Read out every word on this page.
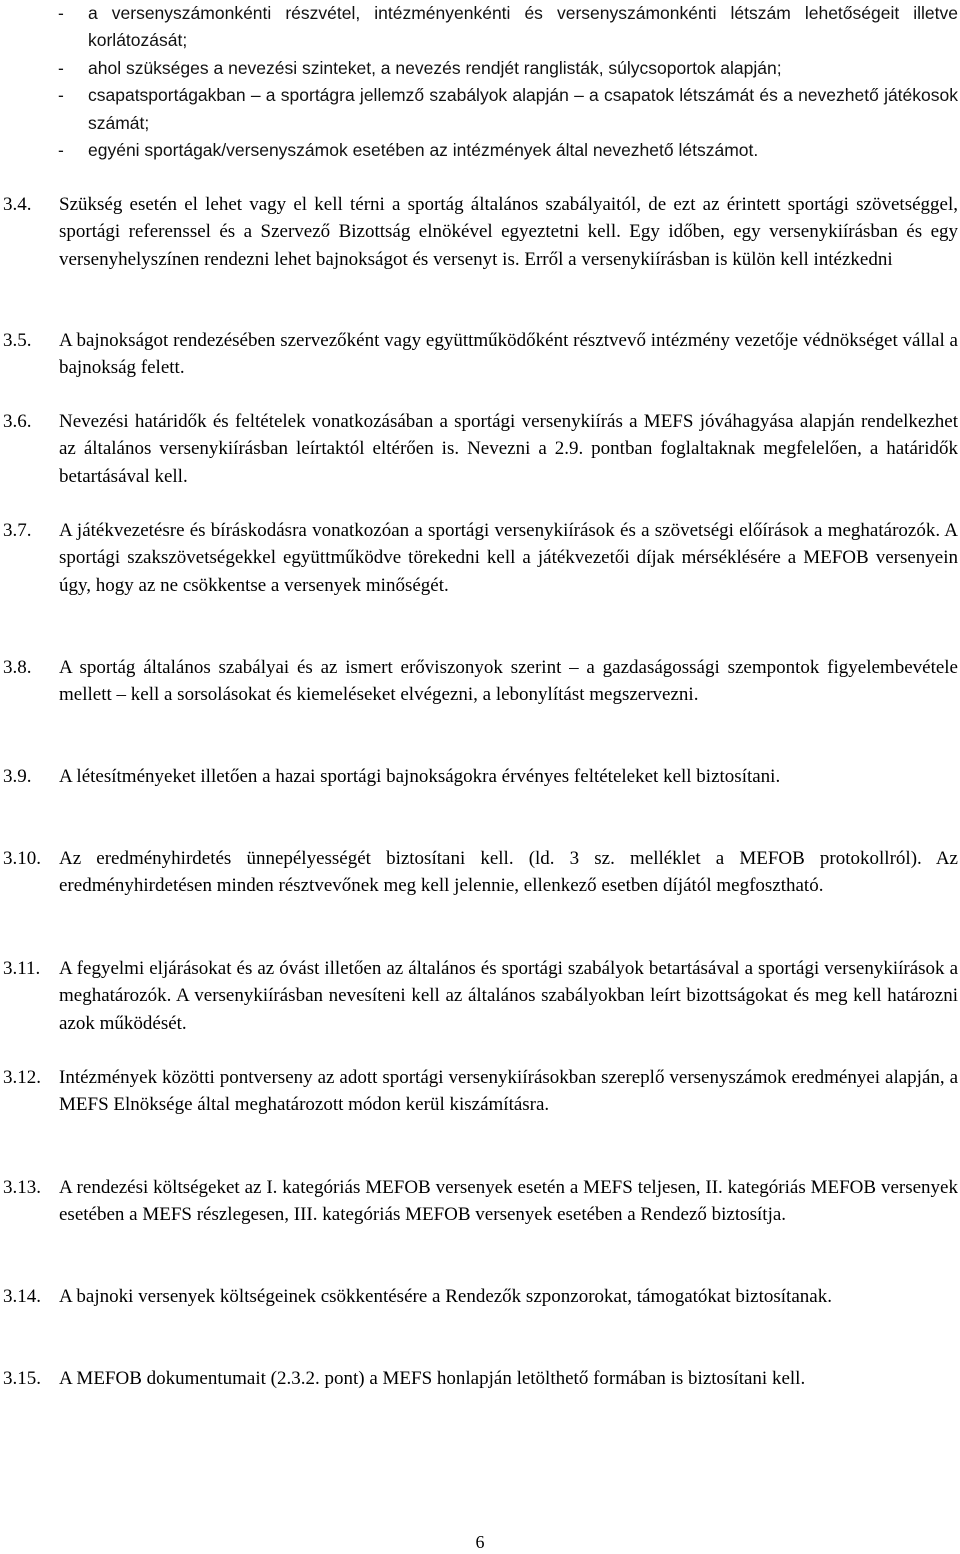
- a versenyszámonkénti részvétel, intézményenkénti és versenyszámonkénti létszám lehetőségeit illetve korlátozását;
- ahol szükséges a nevezési szinteket, a nevezés rendjét ranglisták, súlycsoportok alapján;
- csapatsportágakban – a sportágra jellemző szabályok alapján – a csapatok létszámát és a nevezhető játékosok számát;
- egyéni sportágak/versenyszámok esetében az intézmények által nevezhető létszámot.
3.4. Szükség esetén el lehet vagy el kell térni a sportág általános szabályaitól, de ezt az érintett sportági szövetséggel, sportági referenssel és a Szervező Bizottság elnökével egyeztetni kell. Egy időben, egy versenykiírásban és egy versenyhelyszínen rendezni lehet bajnokságot és versenyt is. Erről a versenykiírásban is külön kell intézkedni
3.5. A bajnokságot rendezésében szervezőként vagy együttműködőként résztvevő intézmény vezetője védnökséget vállal a bajnokság felett.
3.6. Nevezési határidők és feltételek vonatkozásában a sportági versenykiírás a MEFS jóváhagyása alapján rendelkezhet az általános versenykiírásban leírtaktól eltérően is. Nevezni a 2.9. pontban foglaltaknak megfelelően, a határidők betartásával kell.
3.7. A játékvezetésre és bíráskodásra vonatkozóan a sportági versenykiírások és a szövetségi előírások a meghatározók. A sportági szakszövetségekkel együttműködve törekedni kell a játékvezetői díjak mérséklésére a MEFOB versenyein úgy, hogy az ne csökkentse a versenyek minőségét.
3.8. A sportág általános szabályai és az ismert erőviszonyok szerint – a gazdaságossági szempontok figyelembevétele mellett – kell a sorsolásokat és kiemeléseket elvégezni, a lebonylítást megszervezni.
3.9. A létesítményeket illetően a hazai sportági bajnokságokra érvényes feltételeket kell biztosítani.
3.10. Az eredményhirdetés ünnepélyességét biztosítani kell. (ld. 3 sz. melléklet a MEFOB protokollról). Az eredményhirdetésen minden résztvevőnek meg kell jelennie, ellenkező esetben díjától megfosztható.
3.11. A fegyelmi eljárásokat és az óvást illetően az általános és sportági szabályok betartásával a sportági versenykiírások a meghatározók. A versenykiírásban nevesíteni kell az általános szabályokban leírt bizottságokat és meg kell határozni azok működését.
3.12. Intézmények közötti pontverseny az adott sportági versenykiírásokban szereplő versenyszámok eredményei alapján, a MEFS Elnöksége által meghatározott módon kerül kiszámításra.
3.13. A rendezési költségeket az I. kategóriás MEFOB versenyek esetén a MEFS teljesen, II. kategóriás MEFOB versenyek esetében a MEFS részlegesen, III. kategóriás MEFOB versenyek esetében a Rendező biztosítja.
3.14. A bajnoki versenyek költségeinek csökkentésére a Rendezők szponzorokat, támogatókat biztosítanak.
3.15. A MEFOB dokumentumait (2.3.2. pont) a MEFS honlapján letölthető formában is biztosítani kell.
6
